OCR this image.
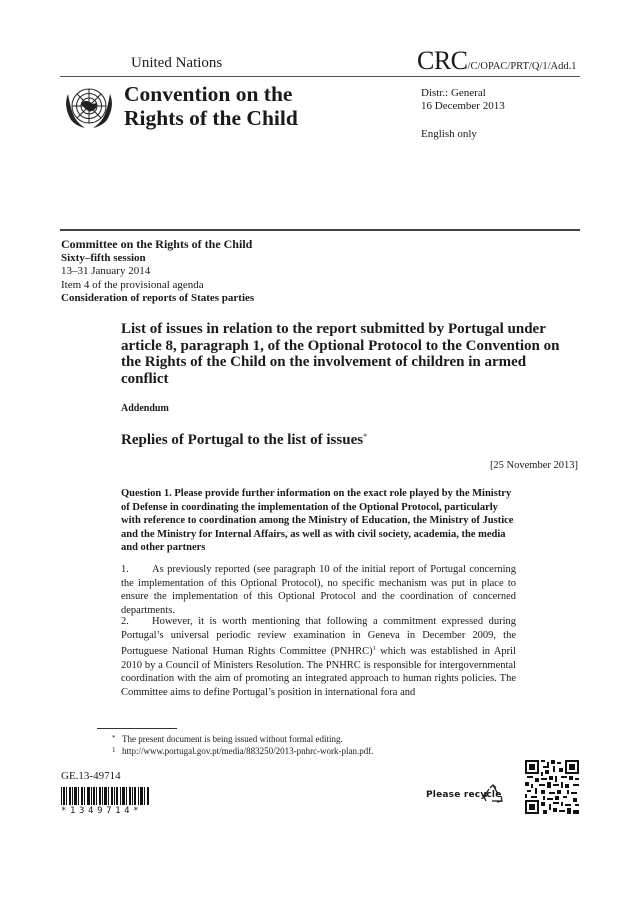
United Nations	CRC/C/OPAC/PRT/Q/1/Add.1
Convention on the
Rights of the Child
Distr.: General
16 December 2013
English only
Committee on the Rights of the Child
Sixty–fifth session
13–31 January 2014
Item 4 of the provisional agenda
Consideration of reports of States parties
List of issues in relation to the report submitted by Portugal under article 8, paragraph 1, of the Optional Protocol to the Convention on the Rights of the Child on the involvement of children in armed conflict
Addendum
Replies of Portugal to the list of issues*
[25 November 2013]
Question 1. Please provide further information on the exact role played by the Ministry of Defense in coordinating the implementation of the Optional Protocol, particularly with reference to coordination among the Ministry of Education, the Ministry of Justice and the Ministry for Internal Affairs, as well as with civil society, academia, the media and other partners
1. As previously reported (see paragraph 10 of the initial report of Portugal concerning the implementation of this Optional Protocol), no specific mechanism was put in place to ensure the implementation of this Optional Protocol and the coordination of concerned departments.
2. However, it is worth mentioning that following a commitment expressed during Portugal’s universal periodic review examination in Geneva in December 2009, the Portuguese National Human Rights Committee (PNHRC)$^1$ which was established in April 2010 by a Council of Ministers Resolution. The PNHRC is responsible for intergovernmental coordination with the aim of promoting an integrated approach to human rights policies. The Committee aims to define Portugal’s position in international fora and
* The present document is being issued without formal editing.
1 http://www.portugal.gov.pt/media/883250/2013-pnhrc-work-plan.pdf.
GE.13-49714
*1349714*
Please recycle
